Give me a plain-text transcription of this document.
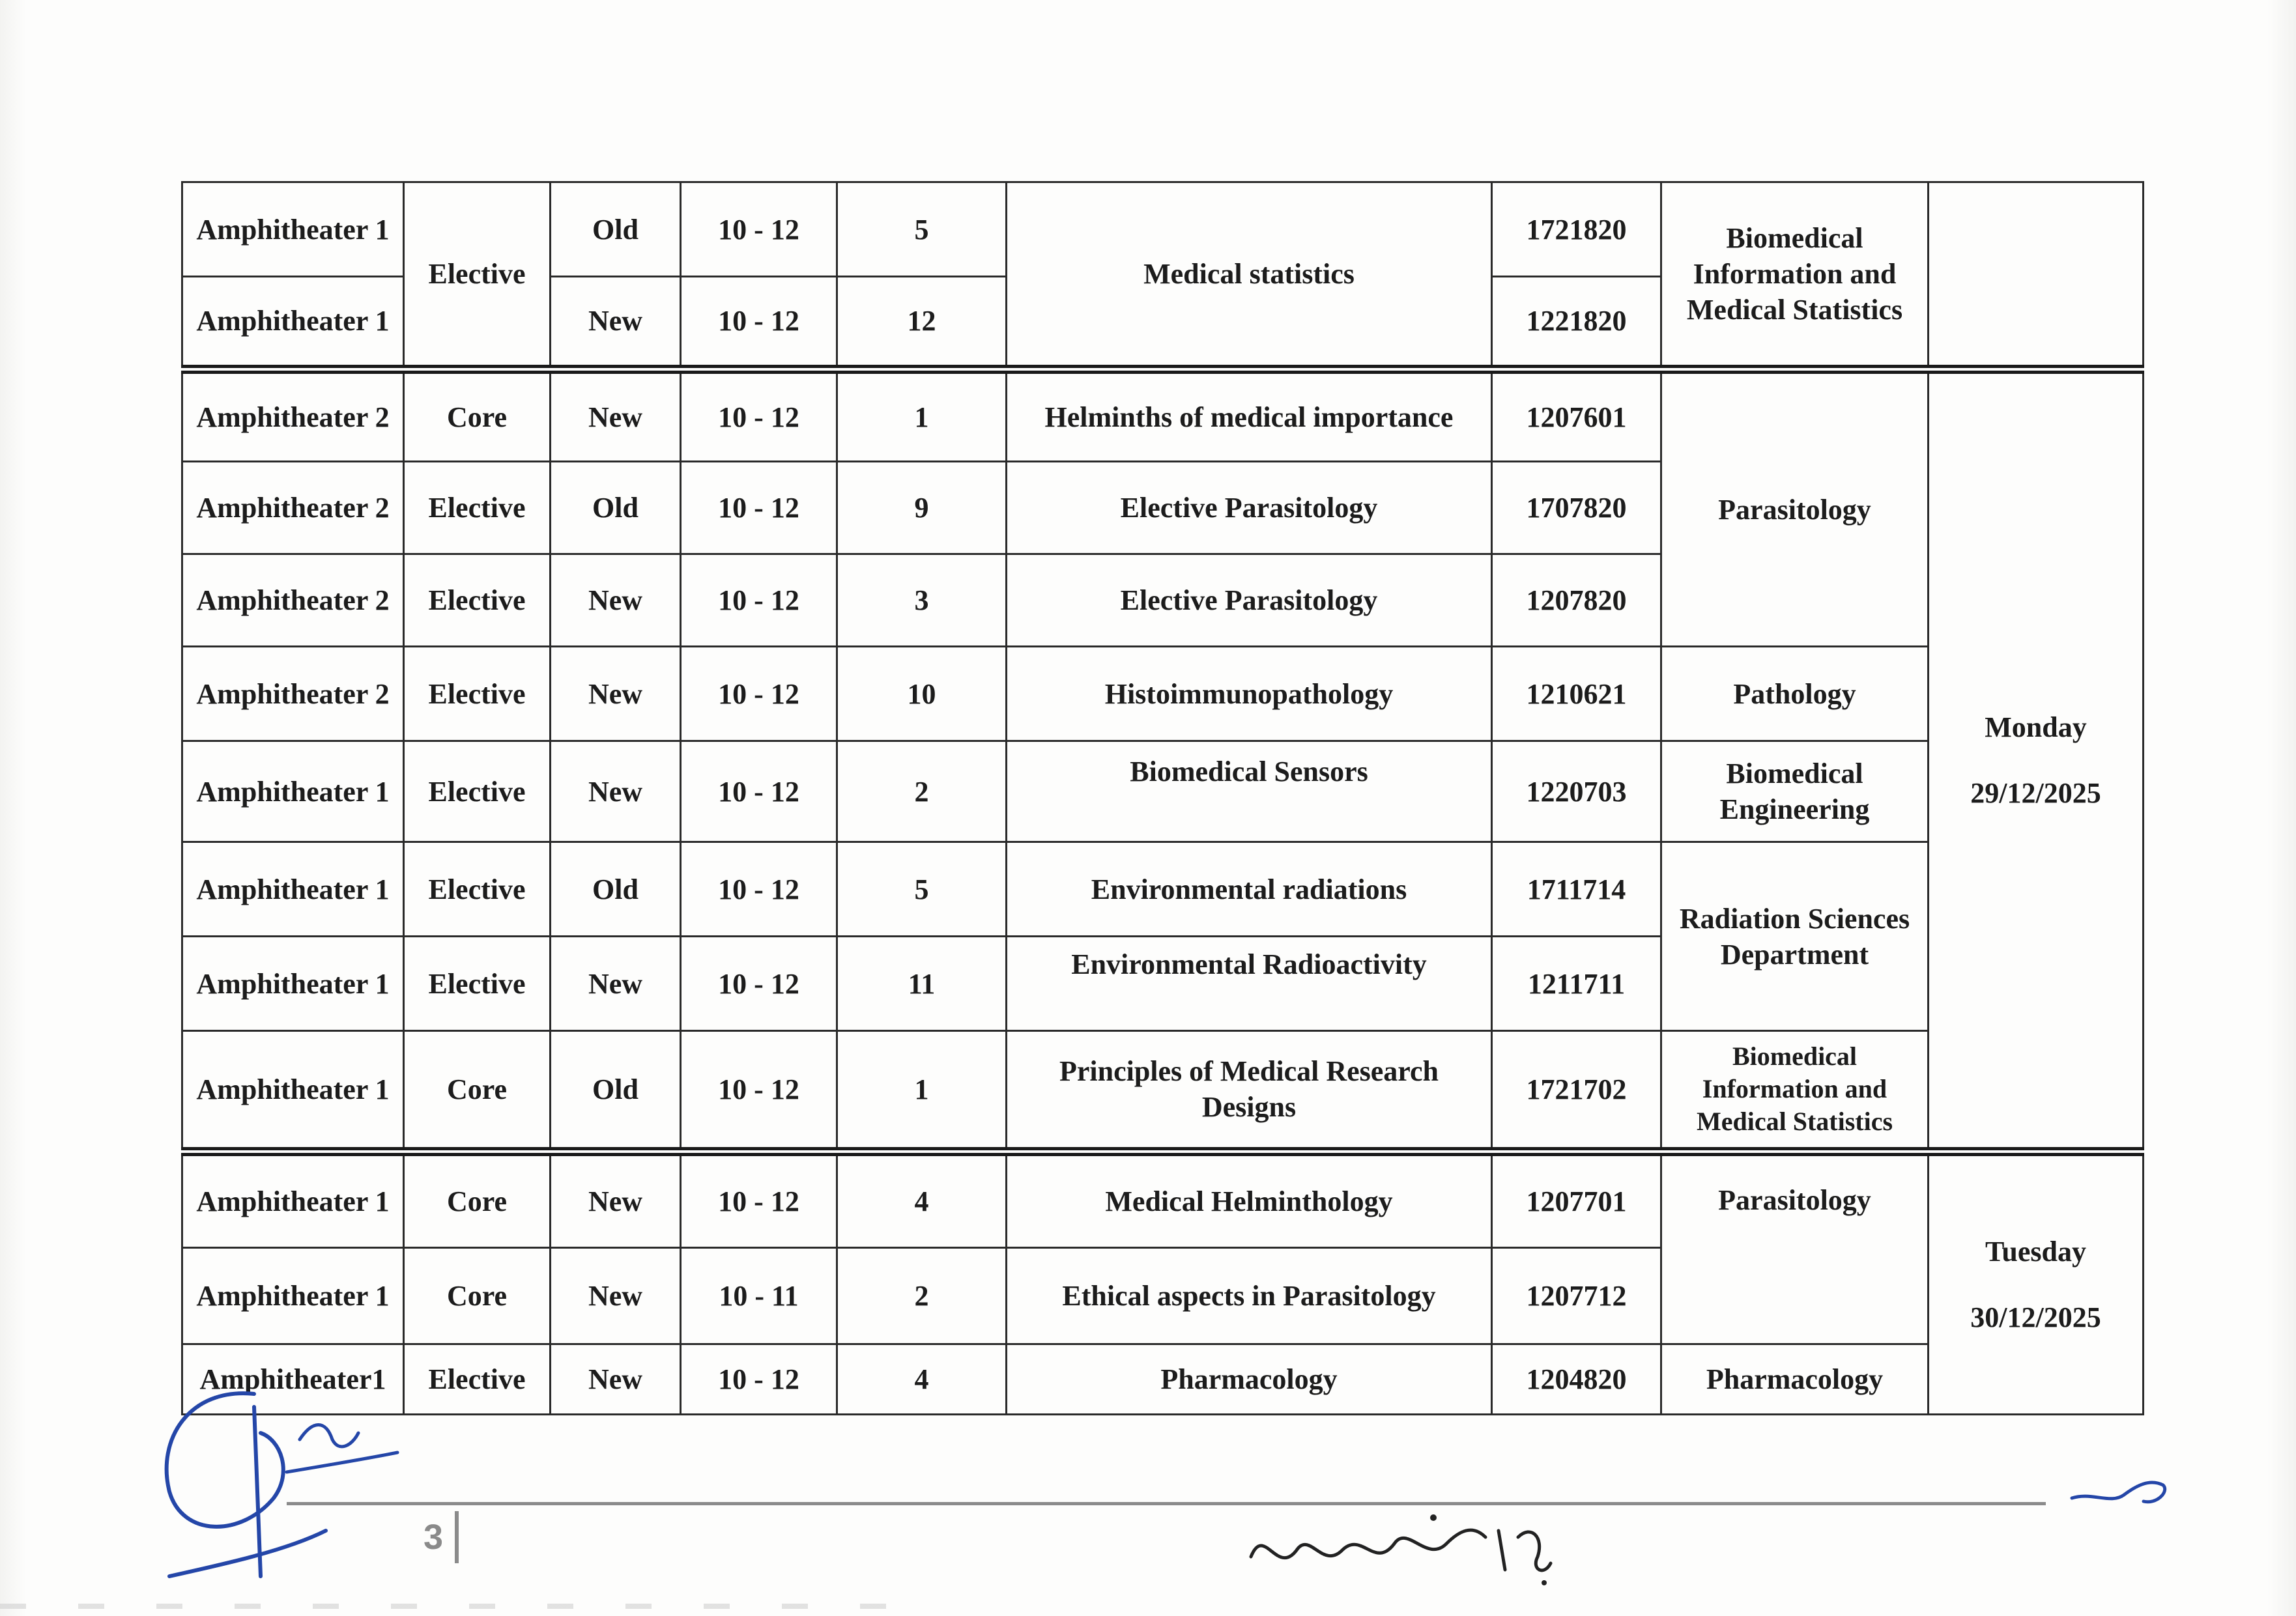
Amphitheater 1	Elective	Old	10 - 12	5	Medical statistics	1721820	Biomedical Information and Medical Statistics	
Amphitheater 1		New	10 - 12	12		1221820		
Amphitheater 2	Core	New	10 - 12	1	Helminths of medical importance	1207601	Parasitology	Monday
29/12/2025

Amphitheater 2	Elective	Old	10 - 12	9	Elective Parasitology	1707820		
Amphitheater 2	Elective	New	10 - 12	3	Elective Parasitology	1207820		
Amphitheater 2	Elective	New	10 - 12	10	Histoimmunopathology	1210621	Pathology	
Amphitheater 1	Elective	New	10 - 12	2	Biomedical Sensors	1220703	Biomedical Engineering	
Amphitheater 1	Elective	Old	10 - 12	5	Environmental radiations	1711714	Radiation Sciences Department	
Amphitheater 1	Elective	New	10 - 12	11	Environmental Radioactivity	1211711		
Amphitheater 1	Core	Old	10 - 12	1	Principles of Medical Research Designs	1721702	Biomedical Information and Medical Statistics	
Amphitheater 1	Core	New	10 - 12	4	Medical Helminthology	1207701	Parasitology	Tuesday
30/12/2025

Amphitheater 1	Core	New	10 - 11	2	Ethical aspects in Parasitology	1207712		
Amphitheater1	Elective	New	10 - 12	4	Pharmacology	1204820	Pharmacology	
3
